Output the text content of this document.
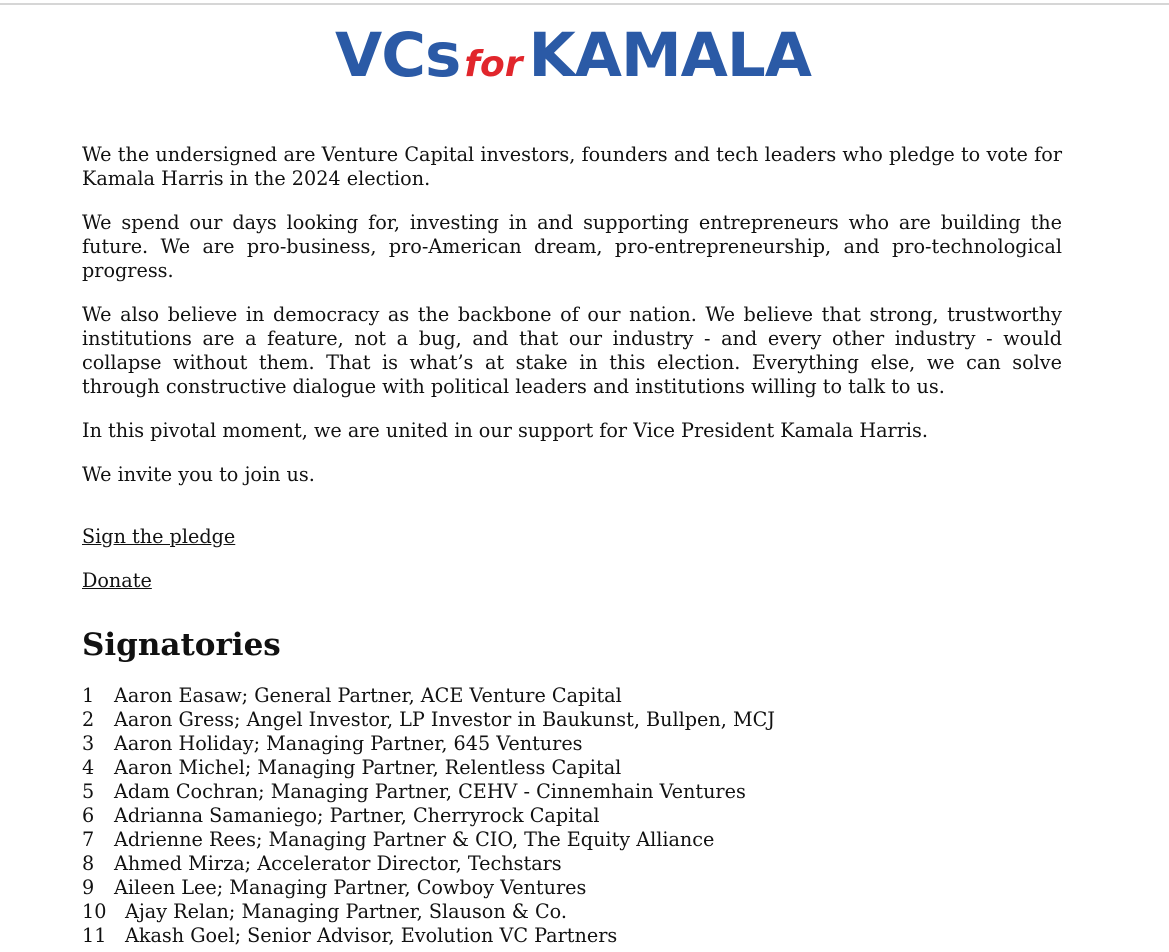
VCs for KAMALA

We the undersigned are Venture Capital investors, founders and tech leaders who pledge to vote for Kamala Harris in the 2024 election.

We spend our days looking for, investing in and supporting entrepreneurs who are building the future. We are pro-business, pro-American dream, pro-entrepreneurship, and pro-technological progress.

We also believe in democracy as the backbone of our nation. We believe that strong, trustworthy institutions are a feature, not a bug, and that our industry - and every other industry - would collapse without them. That is what’s at stake in this election. Everything else, we can solve through constructive dialogue with political leaders and institutions willing to talk to us.

In this pivotal moment, we are united in our support for Vice President Kamala Harris.

We invite you to join us.

Sign the pledge
Donate
Signatories
1	Aaron Easaw; General Partner, ACE Venture Capital
2	Aaron Gress; Angel Investor, LP Investor in Baukunst, Bullpen, MCJ
3	Aaron Holiday; Managing Partner, 645 Ventures
4	Aaron Michel; Managing Partner, Relentless Capital
5	Adam Cochran; Managing Partner, CEHV - Cinnemhain Ventures
6	Adrianna Samaniego; Partner, Cherryrock Capital
7	Adrienne Rees; Managing Partner & CIO, The Equity Alliance
8	Ahmed Mirza; Accelerator Director, Techstars
9	Aileen Lee; Managing Partner, Cowboy Ventures
10 Ajay Relan; Managing Partner, Slauson & Co.
11 Akash Goel; Senior Advisor, Evolution VC Partners
